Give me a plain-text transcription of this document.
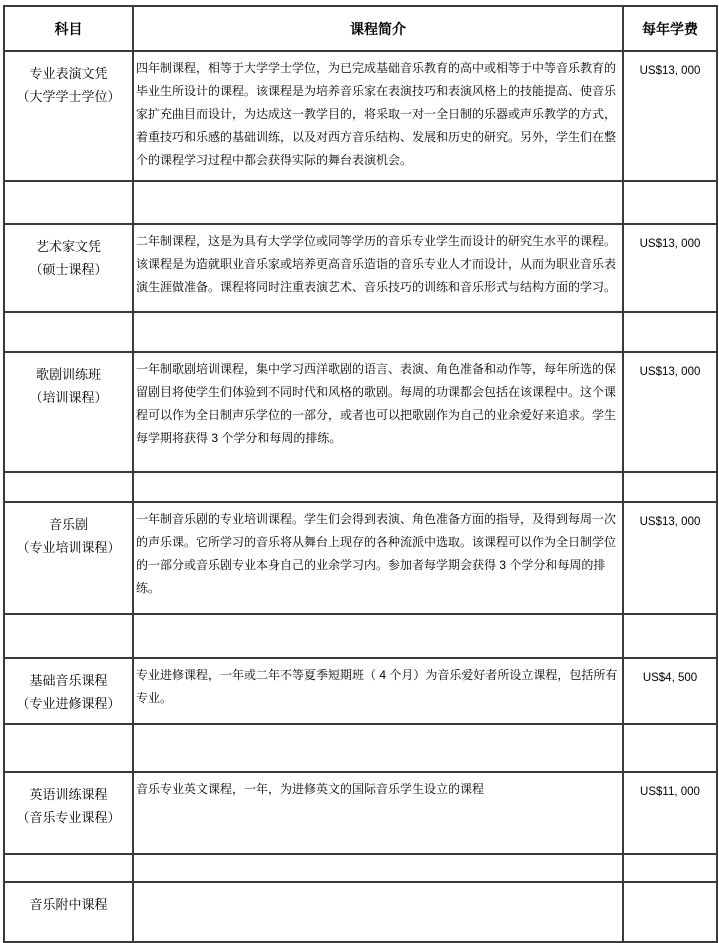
科目	课程简介	每年学费

专业表演文凭
（大学学士学位）	四年制课程，相等于大学学士学位，为已完成基础音乐教育的高中或相等于中等音乐教育的毕业生所设计的课程。该课程是为培养音乐家在表演技巧和表演风格上的技能提高、使音乐家扩充曲目而设计，为达成这一教学目的，将采取一对一全日制的乐器或声乐教学的方式，着重技巧和乐感的基础训练，以及对西方音乐结构、发展和历史的研究。另外，学生们在整个的课程学习过程中都会获得实际的舞台表演机会。	US$13, 000

艺术家文凭
（硕士课程）	二年制课程，这是为具有大学学位或同等学历的音乐专业学生而设计的研究生水平的课程。该课程是为造就职业音乐家或培养更高音乐造诣的音乐专业人才而设计，从而为职业音乐表演生涯做准备。课程将同时注重表演艺术、音乐技巧的训练和音乐形式与结构方面的学习。	US$13, 000

歌剧训练班
（培训课程）	一年制歌剧培训课程，集中学习西洋歌剧的语言、表演、角色准备和动作等，每年所选的保留剧目将使学生们体验到不同时代和风格的歌剧。每周的功课都会包括在该课程中。这个课程可以作为全日制声乐学位的一部分，或者也可以把歌剧作为自己的业余爱好来追求。学生每学期将获得 3 个学分和每周的排练。	US$13, 000

音乐剧
（专业培训课程）	一年制音乐剧的专业培训课程。学生们会得到表演、角色准备方面的指导，及得到每周一次的声乐课。它所学习的音乐将从舞台上现存的各种流派中选取。该课程可以作为全日制学位的一部分或音乐剧专业本身自己的业余学习内。参加者每学期会获得 3 个学分和每周的排练。	US$13, 000

基础音乐课程
（专业进修课程）	专业进修课程，一年或二年不等夏季短期班（ 4 个月）为音乐爱好者所设立课程，包括所有专业。	US$4, 500

英语训练课程
（音乐专业课程）	音乐专业英文课程，一年，为进修英文的国际音乐学生设立的课程	US$11, 000

音乐附中课程		
